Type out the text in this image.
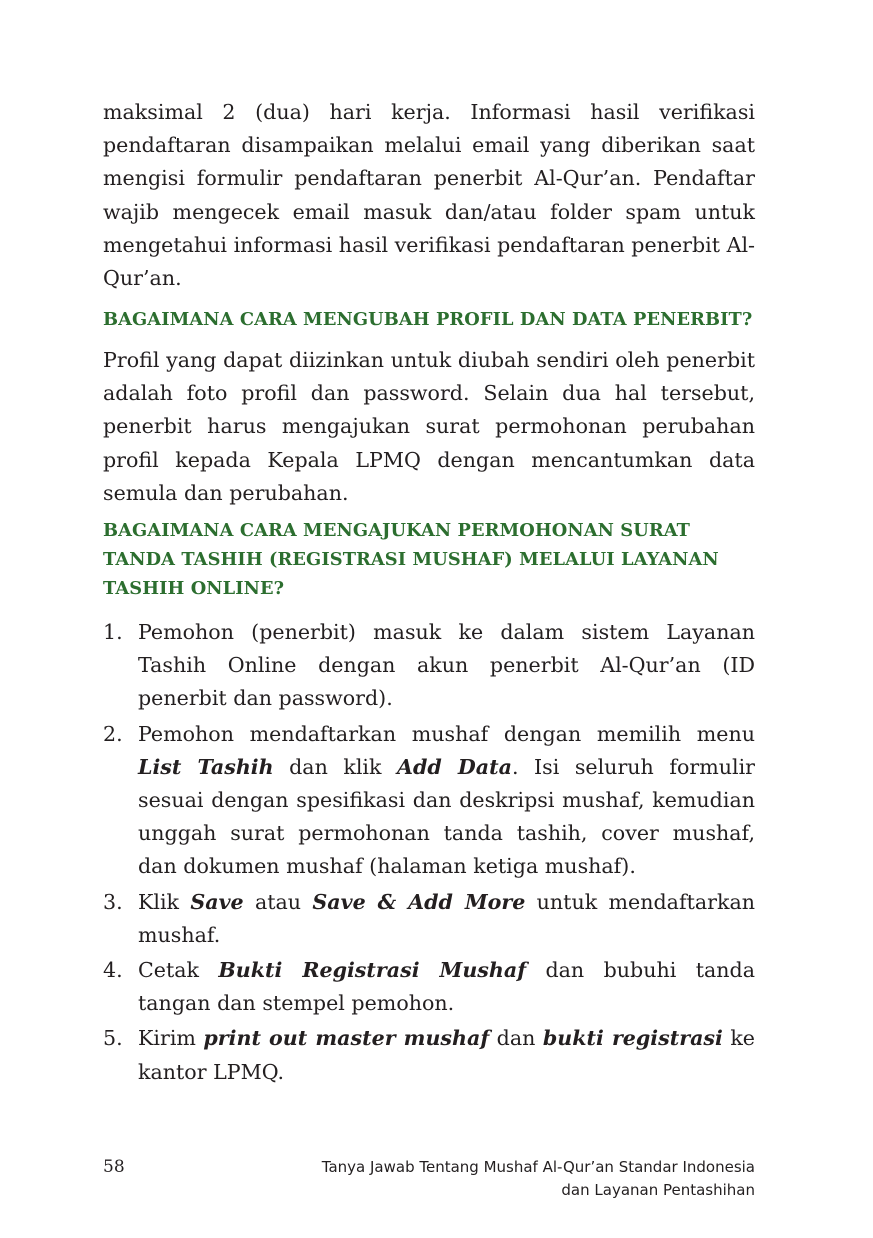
maksimal 2 (dua) hari kerja. Informasi hasil verifikasi pendaftaran disampaikan melalui email yang diberikan saat mengisi formulir pendaftaran penerbit Al-Qur’an. Pendaftar wajib mengecek email masuk dan/atau folder spam untuk mengetahui informasi hasil verifikasi pendaftaran penerbit Al-Qur’an.

BAGAIMANA CARA MENGUBAH PROFIL DAN DATA PENERBIT?

Profil yang dapat diizinkan untuk diubah sendiri oleh penerbit adalah foto profil dan password. Selain dua hal tersebut, penerbit harus mengajukan surat permohonan perubahan profil kepada Kepala LPMQ dengan mencantumkan data semula dan perubahan.

BAGAIMANA CARA MENGAJUKAN PERMOHONAN SURAT
TANDA TASHIH (REGISTRASI MUSHAF) MELALUI LAYANAN
TASHIH ONLINE?
1. Pemohon (penerbit) masuk ke dalam sistem Layanan Tashih Online dengan akun penerbit Al-Qur’an (ID penerbit dan password).
2. Pemohon mendaftarkan mushaf dengan memilih menu List Tashih dan klik Add Data. Isi seluruh formulir sesuai dengan spesifikasi dan deskripsi mushaf, kemudian unggah surat permohonan tanda tashih, cover mushaf, dan dokumen mushaf (halaman ketiga mushaf).
3. Klik Save atau Save & Add More untuk mendaftarkan mushaf.
4. Cetak Bukti Registrasi Mushaf dan bubuhi tanda tangan dan stempel pemohon.
5. Kirim print out master mushaf dan bukti registrasi ke kantor LPMQ.
58	Tanya Jawab Tentang Mushaf Al-Qur’an Standar Indonesia
dan Layanan Pentashihan
